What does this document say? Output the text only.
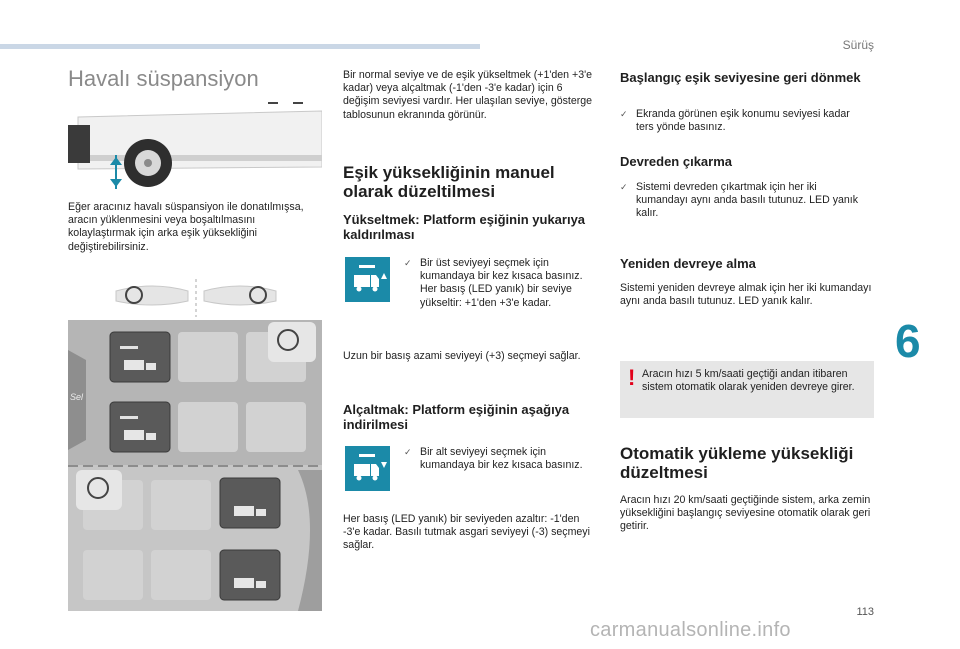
Sürüş
Havalı süspansiyon

Eğer aracınız havalı süspansiyon ile donatılmışsa, aracın yüklenmesini veya boşaltılmasını kolaylaştırmak için arka eşik yüksekliğini değiştirebilirsiniz.

Sel

Bir normal seviye ve de eşik yükseltmek (+1'den +3'e kadar) veya alçaltmak (-1'den -3'e kadar) için 6 değişim seviyesi vardır. Her ulaşılan seviye, gösterge tablosunun ekranında görünür.

Eşik yüksekliğinin manuel olarak düzeltilmesi
Yükseltmek: Platform eşiğinin yukarıya kaldırılması
✓ Bir üst seviyeyi seçmek için kumandaya bir kez kısaca basınız. Her basış (LED yanık) bir seviye yükseltir: +1'den +3'e kadar.

Uzun bir basış azami seviyeyi (+3) seçmeyi sağlar.

Alçaltmak: Platform eşiğinin aşağıya indirilmesi
✓ Bir alt seviyeyi seçmek için kumandaya bir kez kısaca basınız.

Her basış (LED yanık) bir seviyeden azaltır: -1'den -3'e kadar. Basılı tutmak asgari seviyeyi (-3) seçmeyi sağlar.

Başlangıç eşik seviyesine geri dönmek
✓ Ekranda görünen eşik konumu seviyesi kadar ters yönde basınız.

Devreden çıkarma
✓ Sistemi devreden çıkartmak için her iki kumandayı aynı anda basılı tutunuz. LED yanık kalır.

Yeniden devreye alma

Sistemi yeniden devreye almak için her iki kumandayı aynı anda basılı tutunuz. LED yanık kalır.

! Aracın hızı 5 km/saati geçtiği andan itibaren sistem otomatik olarak yeniden devreye girer.

Otomatik yükleme yüksekliği düzeltmesi

Aracın hızı 20 km/saati geçtiğinde sistem, arka zemin yüksekliğini başlangıç seviyesine otomatik olarak geri getirir.

6
113
carmanualsonline.info
